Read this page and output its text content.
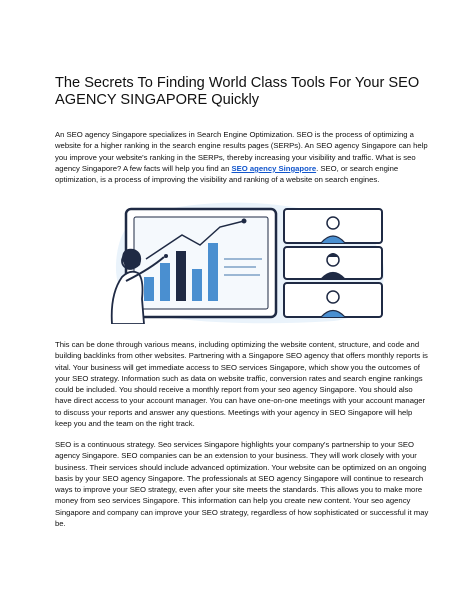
The Secrets To Finding World Class Tools For Your SEO AGENCY SINGAPORE Quickly
An SEO agency Singapore specializes in Search Engine Optimization. SEO is the process of optimizing a website for a higher ranking in the search engine results pages (SERPs). An SEO agency Singapore can help you improve your website's ranking in the SERPs, thereby increasing your visibility and traffic. What is seo agency Singapore? A few facts will help you find an SEO agency Singapore. SEO, or search engine optimization, is a process of improving the visibility and ranking of a website on search engines.
This can be done through various means, including optimizing the website content, structure, and code and building backlinks from other websites. Partnering with a Singapore SEO agency that offers monthly reports is vital. Your business will get immediate access to SEO services Singapore, which show you the outcomes of your SEO strategy. Information such as data on website traffic, conversion rates and search engine rankings could be included. You should receive a monthly report from your seo agency Singapore. You should also have direct access to your account manager. You can have one-on-one meetings with your account manager to discuss your reports and answer any questions. Meetings with your agency in SEO Singapore will help keep you and the team on the right track.
SEO is a continuous strategy. Seo services Singapore highlights your company's partnership to your SEO agency Singapore. SEO companies can be an extension to your business. They will work closely with your business. Their services should include advanced optimization. Your website can be optimized on an ongoing basis by your SEO agency Singapore. The professionals at SEO agency Singapore will continue to research ways to improve your SEO strategy, even after your site meets the standards. This allows you to make more money from seo services Singapore. This information can help you create new content. Your seo agency Singapore and company can improve your SEO strategy, regardless of how sophisticated or successful it may be.
